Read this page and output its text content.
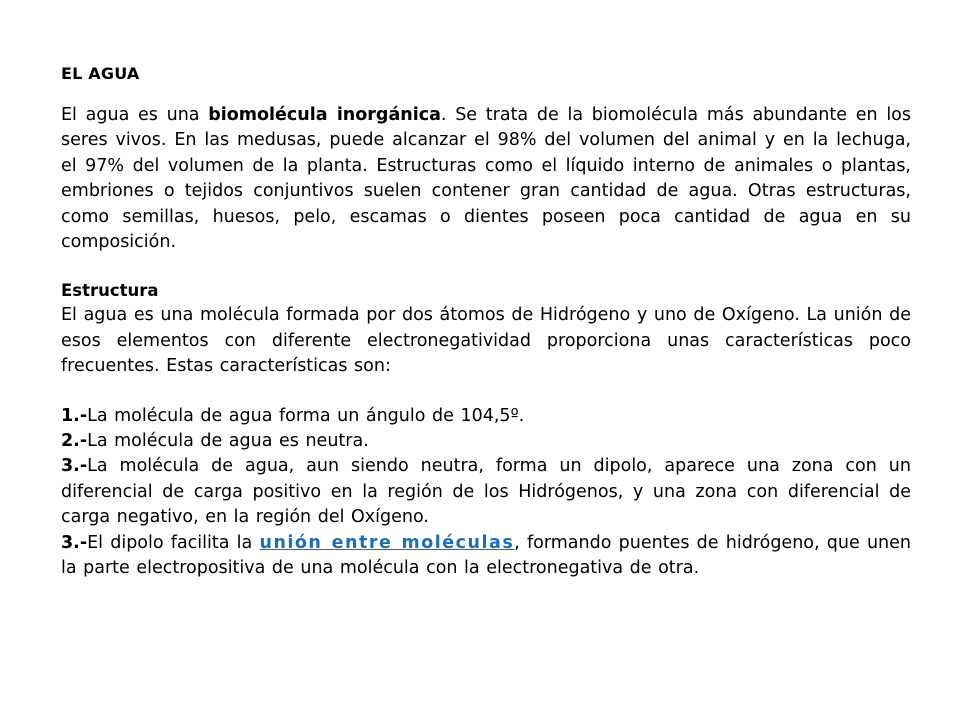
EL AGUA

El agua es una biomolécula inorgánica. Se trata de la biomolécula más abundante en los seres vivos. En las medusas, puede alcanzar el 98% del volumen del animal y en la lechuga, el 97% del volumen de la planta. Estructuras como el líquido interno de animales o plantas, embriones o tejidos conjuntivos suelen contener gran cantidad de agua. Otras estructuras, como semillas, huesos, pelo, escamas o dientes poseen poca cantidad de agua en su composición.

Estructura

El agua es una molécula formada por dos átomos de Hidrógeno y uno de Oxígeno. La unión de esos elementos con diferente electronegatividad proporciona unas características poco frecuentes. Estas características son:

1.-La molécula de agua forma un ángulo de 104,5º.

2.-La molécula de agua es neutra.

3.-La molécula de agua, aun siendo neutra, forma un dipolo, aparece una zona con un diferencial de carga positivo en la región de los Hidrógenos, y una zona con diferencial de carga negativo, en la región del Oxígeno.

3.-El dipolo facilita la unión entre moléculas, formando puentes de hidrógeno, que unen la parte electropositiva de una molécula con la electronegativa de otra.
